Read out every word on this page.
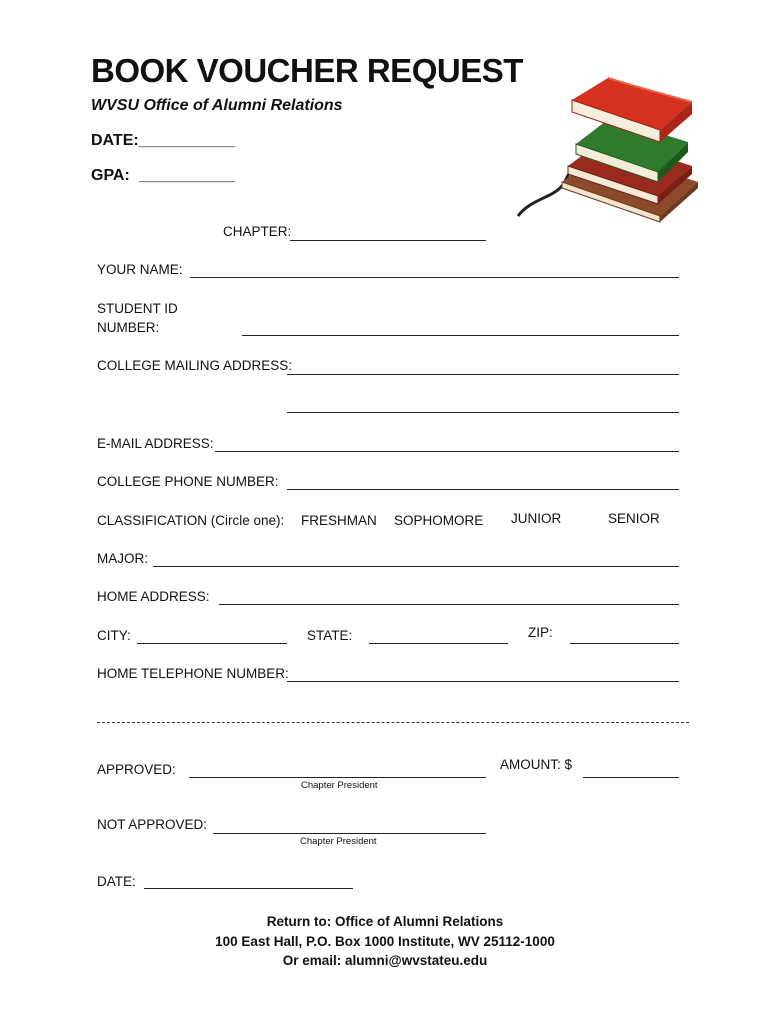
BOOK VOUCHER REQUEST
WVSU Office of Alumni Relations
DATE: ____________
GPA: ____________
CHAPTER:
YOUR NAME:
STUDENT ID
NUMBER:
COLLEGE MAILING ADDRESS:
E-MAIL ADDRESS:
COLLEGE PHONE NUMBER:
CLASSIFICATION (Circle one): FRESHMAN SOPHOMORE JUNIOR	SENIOR
MAJOR:
HOME ADDRESS:
CITY:	STATE:	ZIP:
HOME TELEPHONE NUMBER:
APPROVED:
Chapter President
AMOUNT: $
NOT APPROVED:
Chapter President
DATE:
Return to: Office of Alumni Relations
100 East Hall, P.O. Box 1000 Institute, WV 25112-1000
Or email: alumni@wvstateu.edu
